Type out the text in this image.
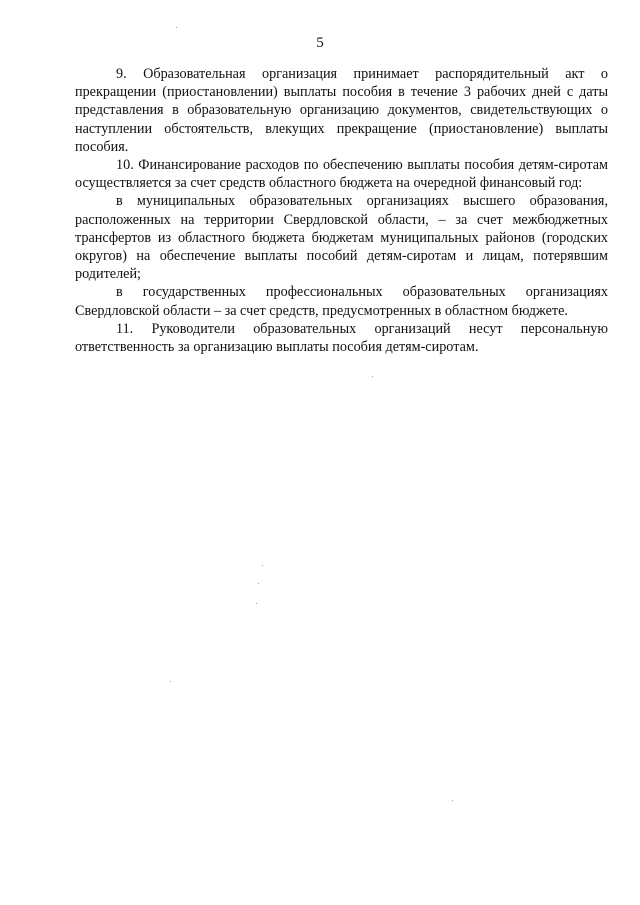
5

9. Образовательная организация принимает распорядительный акт о прекращении (приостановлении) выплаты пособия в течение 3 рабочих дней с даты представления в образовательную организацию документов, свидетельствующих о наступлении обстоятельств, влекущих прекращение (приостановление) выплаты пособия.

10. Финансирование расходов по обеспечению выплаты пособия детям-сиротам осуществляется за счет средств областного бюджета на очередной финансовый год:

в муниципальных образовательных организациях высшего образования, расположенных на территории Свердловской области, – за счет межбюджетных трансфертов из областного бюджета бюджетам муниципальных районов (городских округов) на обеспечение выплаты пособий детям-сиротам и лицам, потерявшим родителей;

в государственных профессиональных образовательных организациях Свердловской области – за счет средств, предусмотренных в областном бюджете.

11. Руководители образовательных организаций несут персональную ответственность за организацию выплаты пособия детям-сиротам.
